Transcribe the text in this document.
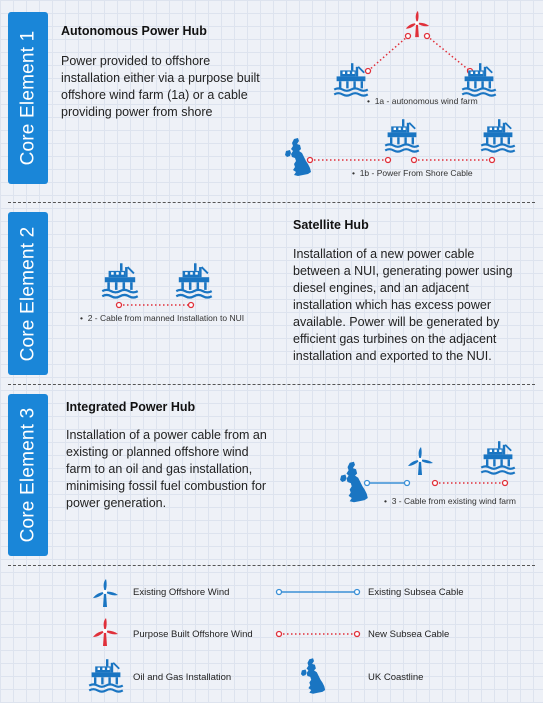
Core Element 1 Autonomous Power Hub
Power provided to offshore installation either via a purpose built offshore wind farm (1a) or a cable providing power from shore
•  1a - autonomous wind farm
•  1b - Power From Shore Cable
Core Element 2
Satellite Hub
Installation of a new power cable between a NUI, generating power using diesel engines, and an adjacent installation which has excess power available. Power will be generated by efficient gas turbines on the adjacent installation and exported to the NUI.
•  2 - Cable from manned Installation to NUI
Core Element 3
Integrated Power Hub
Installation of a power cable from an existing or planned offshore wind farm to an oil and gas installation, minimising fossil fuel combustion for power generation.	•  3 - Cable from existing wind farm
Existing Offshore Wind	Existing Subsea Cable
Purpose Built Offshore Wind	New Subsea Cable
Oil and Gas Installation	UK Coastline
